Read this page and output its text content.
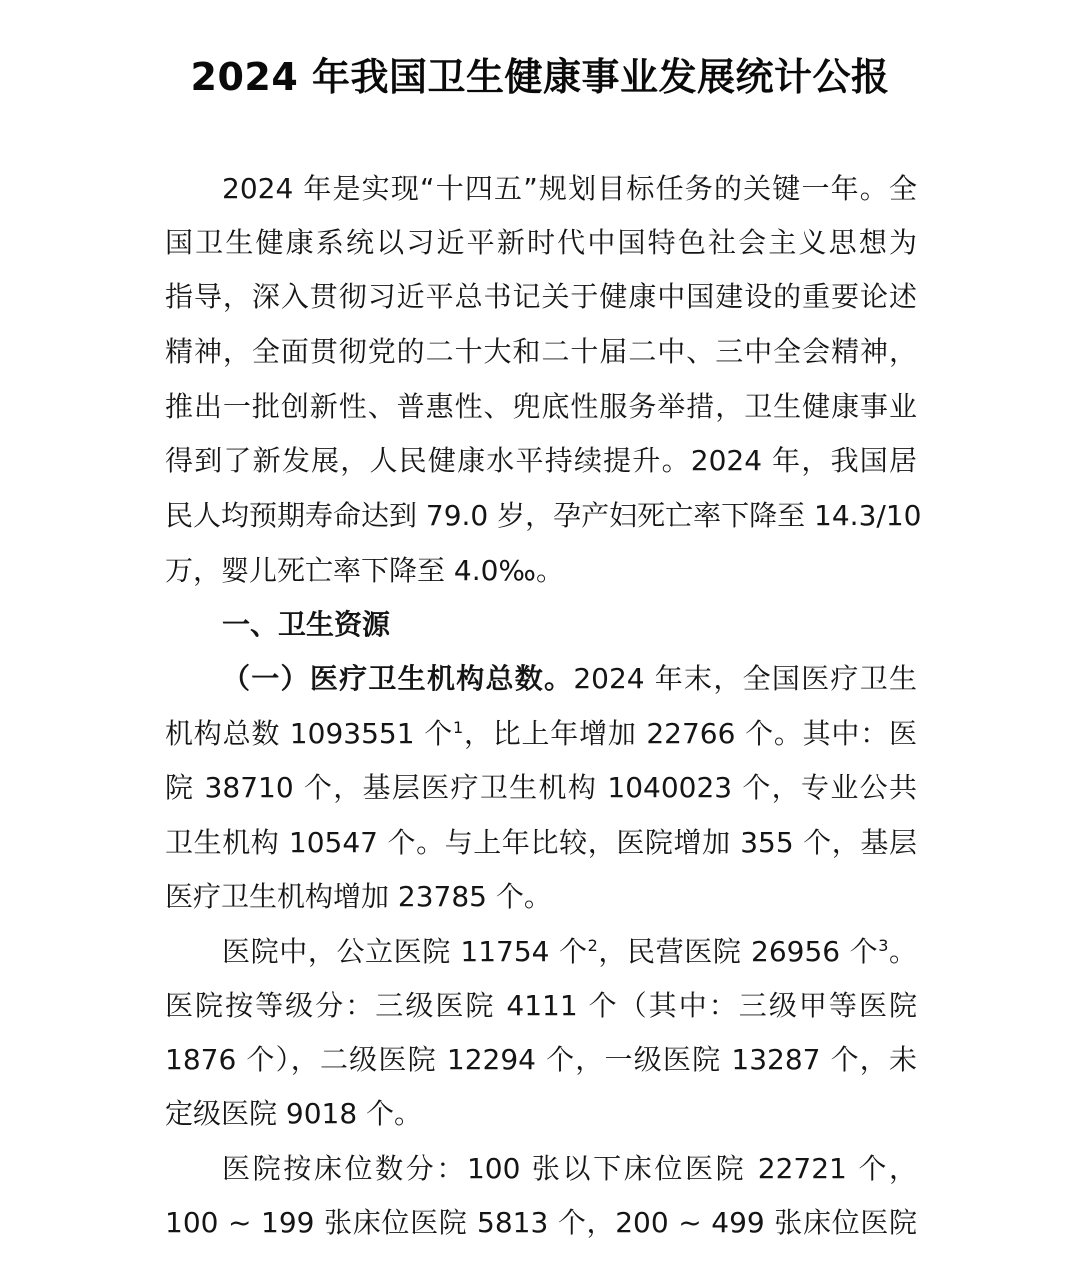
2024 年我国卫生健康事业发展统计公报
2024 年是实现“十四五”规划目标任务的关键一年。全
国卫生健康系统以习近平新时代中国特色社会主义思想为
指导，深入贯彻习近平总书记关于健康中国建设的重要论述
精神，全面贯彻党的二十大和二十届二中、三中全会精神，
推出一批创新性、普惠性、兜底性服务举措，卫生健康事业
得到了新发展，人民健康水平持续提升。2024 年，我国居
民人均预期寿命达到 79.0 岁，孕产妇死亡率下降至 14.3/10
万，婴儿死亡率下降至 4.0‰。
一、卫生资源
（一）医疗卫生机构总数。2024 年末，全国医疗卫生
机构总数 1093551 个$^1$，比上年增加 22766 个。其中：医
院 38710 个，基层医疗卫生机构 1040023 个，专业公共
卫生机构 10547 个。与上年比较，医院增加 355 个，基层
医疗卫生机构增加 23785 个。
医院中，公立医院 11754 个$^2$，民营医院 26956 个$^3$。
医院按等级分：三级医院 4111 个（其中：三级甲等医院
1876 个），二级医院 12294 个，一级医院 13287 个，未
定级医院 9018 个。
医院按床位数分：100 张以下床位医院 22721 个，
100 ~ 199 张床位医院 5813 个，200 ~ 499 张床位医院
